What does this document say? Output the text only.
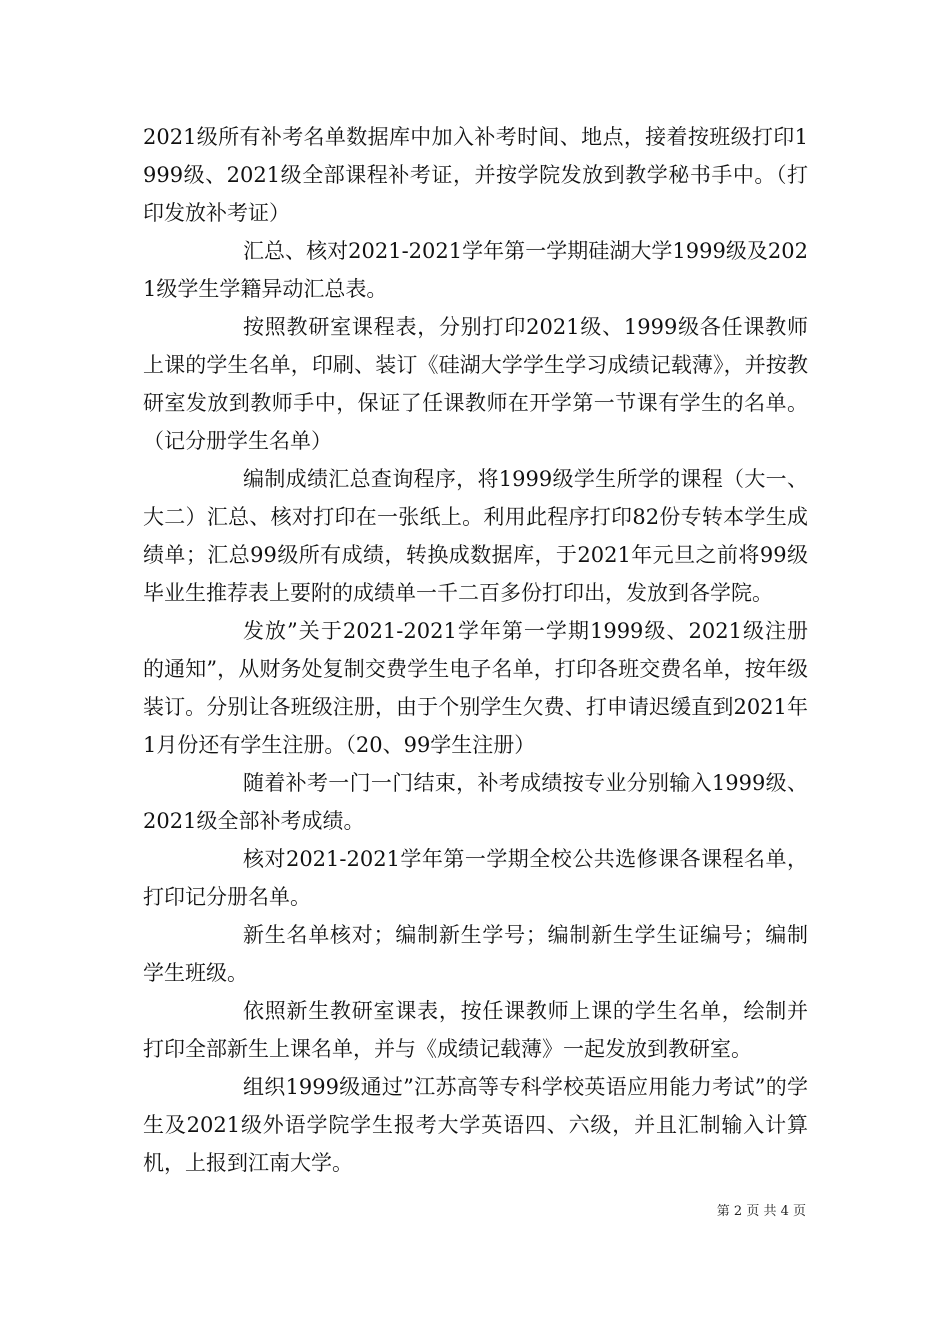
2021级所有补考名单数据库中加入补考时间、地点，接着按班级打印1999级、2021级全部课程补考证，并按学院发放到教学秘书手中。（打印发放补考证）

汇总、核对2021-2021学年第一学期硅湖大学1999级及2021级学生学籍异动汇总表。

按照教研室课程表，分别打印2021级、1999级各任课教师上课的学生名单，印刷、装订《硅湖大学学生学习成绩记载薄》，并按教研室发放到教师手中，保证了任课教师在开学第一节课有学生的名单。（记分册学生名单）

编制成绩汇总查询程序，将1999级学生所学的课程（大一、大二）汇总、核对打印在一张纸上。利用此程序打印82份专转本学生成绩单；汇总99级所有成绩，转换成数据库，于2021年元旦之前将99级毕业生推荐表上要附的成绩单一千二百多份打印出，发放到各学院。

发放”关于2021-2021学年第一学期1999级、2021级注册的通知”，从财务处复制交费学生电子名单，打印各班交费名单，按年级装订。分别让各班级注册，由于个别学生欠费、打申请迟缓直到2021年1月份还有学生注册。（20、99学生注册）

随着补考一门一门结束，补考成绩按专业分别输入1999级、2021级全部补考成绩。

核对2021-2021学年第一学期全校公共选修课各课程名单，打印记分册名单。

新生名单核对；编制新生学号；编制新生学生证编号；编制学生班级。

依照新生教研室课表，按任课教师上课的学生名单，绘制并打印全部新生上课名单，并与《成绩记载薄》一起发放到教研室。

组织1999级通过”江苏高等专科学校英语应用能力考试”的学生及2021级外语学院学生报考大学英语四、六级，并且汇制输入计算机，上报到江南大学。

第 2 页 共 4 页
